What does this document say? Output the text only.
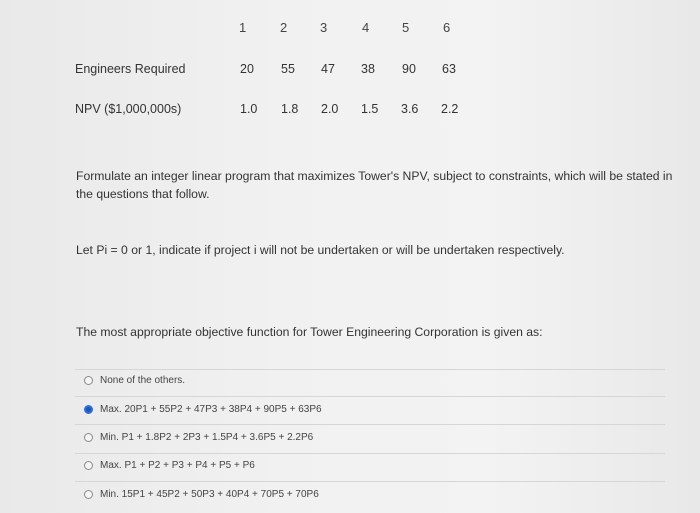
1	2	3	4	5	6
Engineers Required	20 55 47 38 90 63
NPV ($1,000,000s)	1.0 1.8 2.0 1.5 3.6 2.2
Formulate an integer linear program that maximizes Tower's NPV, subject to constraints, which will be stated in
the questions that follow.
Let Pi = 0 or 1, indicate if project i will not be undertaken or will be undertaken respectively.
The most appropriate objective function for Tower Engineering Corporation is given as:
None of the others.
Max. 20P1 + 55P2 + 47P3 + 38P4 + 90P5 + 63P6
Min. P1 + 1.8P2 + 2P3 + 1.5P4 + 3.6P5 + 2.2P6
Max. P1 + P2 + P3 + P4 + P5 + P6
Min. 15P1 + 45P2 + 50P3 + 40P4 + 70P5 + 70P6
